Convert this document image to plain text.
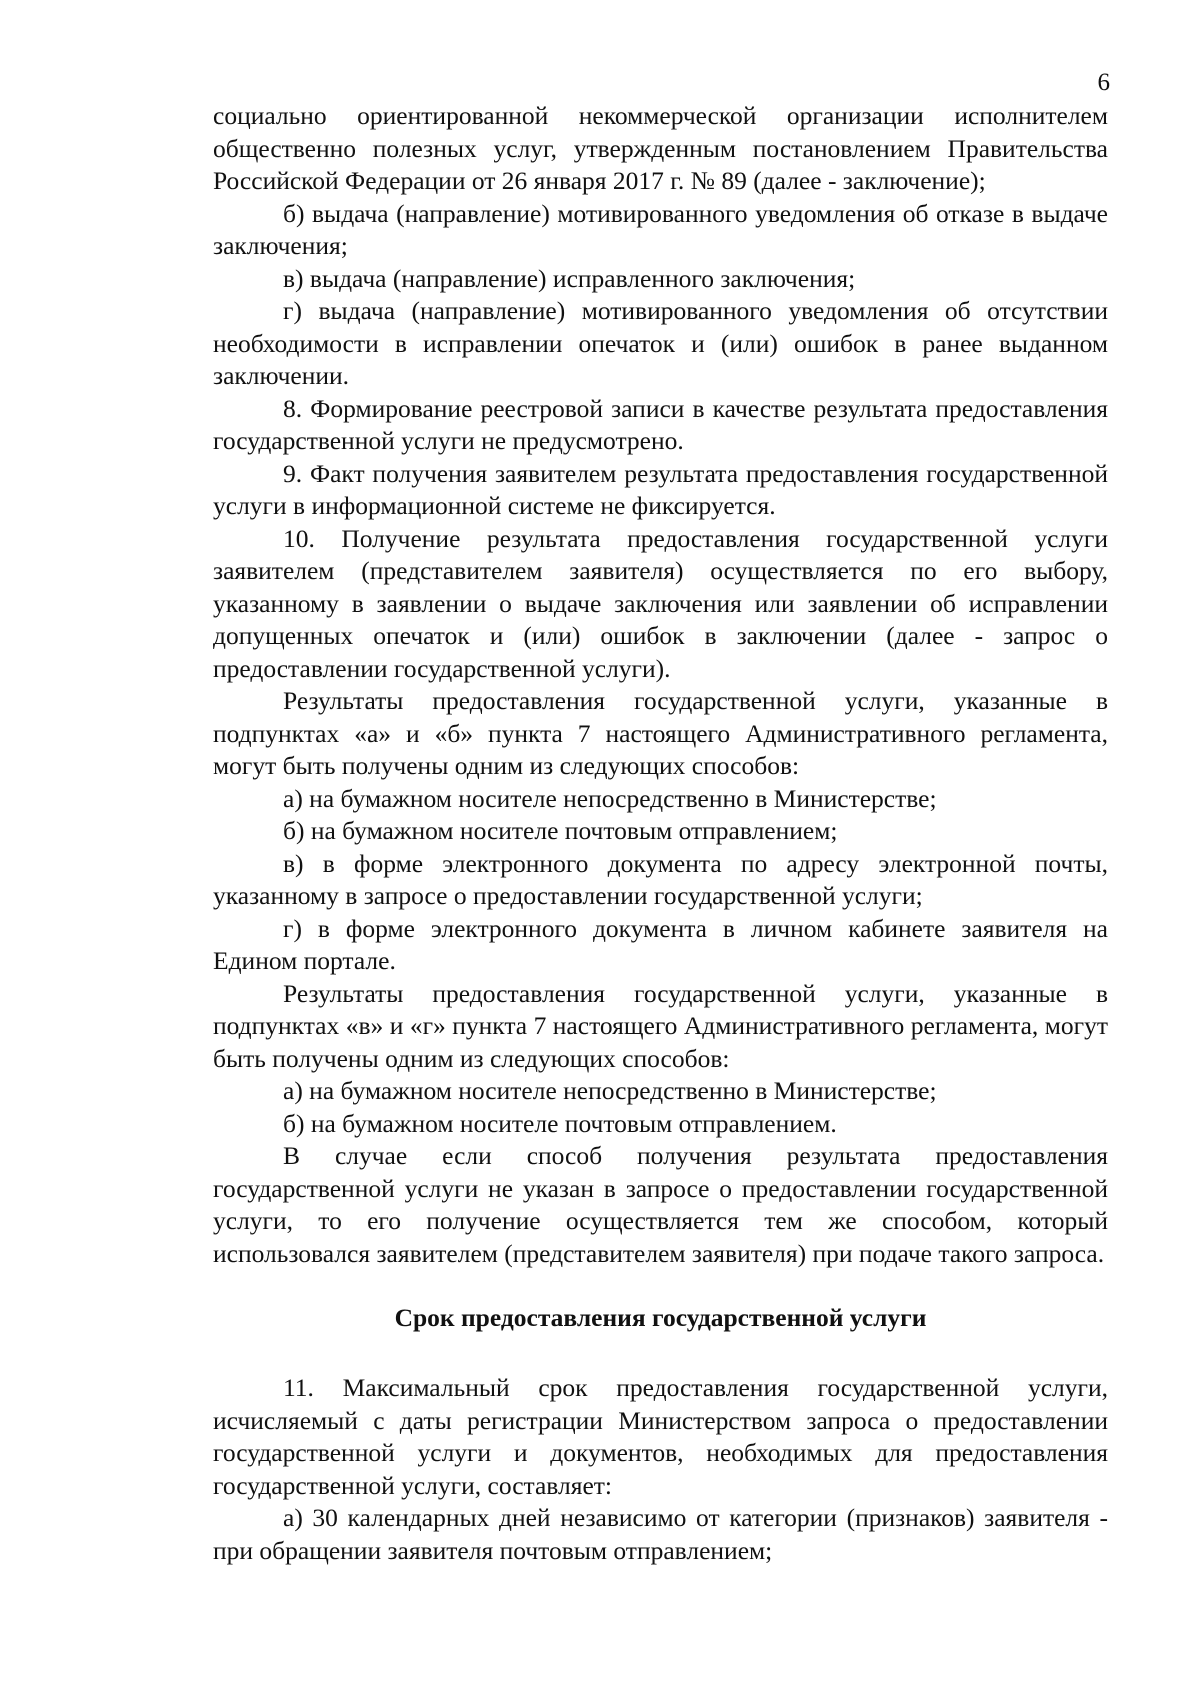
6

социально ориентированной некоммерческой организации исполнителем общественно полезных услуг, утвержденным постановлением Правительства Российской Федерации от 26 января 2017 г. № 89 (далее - заключение);

б) выдача (направление) мотивированного уведомления об отказе в выдаче заключения;

в) выдача (направление) исправленного заключения;

г) выдача (направление) мотивированного уведомления об отсутствии необходимости в исправлении опечаток и (или) ошибок в ранее выданном заключении.

8. Формирование реестровой записи в качестве результата предоставления государственной услуги не предусмотрено.

9. Факт получения заявителем результата предоставления государственной услуги в информационной системе не фиксируется.

10. Получение результата предоставления государственной услуги заявителем (представителем заявителя) осуществляется по его выбору, указанному в заявлении о выдаче заключения или заявлении об исправлении допущенных опечаток и (или) ошибок в заключении (далее - запрос о предоставлении государственной услуги).

Результаты предоставления государственной услуги, указанные в подпунктах «а» и «б» пункта 7 настоящего Административного регламента, могут быть получены одним из следующих способов:

а) на бумажном носителе непосредственно в Министерстве;

б) на бумажном носителе почтовым отправлением;

в) в форме электронного документа по адресу электронной почты, указанному в запросе о предоставлении государственной услуги;

г) в форме электронного документа в личном кабинете заявителя на Едином портале.

Результаты предоставления государственной услуги, указанные в подпунктах «в» и «г» пункта 7 настоящего Административного регламента, могут быть получены одним из следующих способов:

а) на бумажном носителе непосредственно в Министерстве;

б) на бумажном носителе почтовым отправлением.

В случае если способ получения результата предоставления государственной услуги не указан в запросе о предоставлении государственной услуги, то его получение осуществляется тем же способом, который использовался заявителем (представителем заявителя) при подаче такого запроса.

Срок предоставления государственной услуги

11. Максимальный срок предоставления государственной услуги, исчисляемый с даты регистрации Министерством запроса о предоставлении государственной услуги и документов, необходимых для предоставления государственной услуги, составляет:

а) 30 календарных дней независимо от категории (признаков) заявителя - при обращении заявителя почтовым отправлением;
